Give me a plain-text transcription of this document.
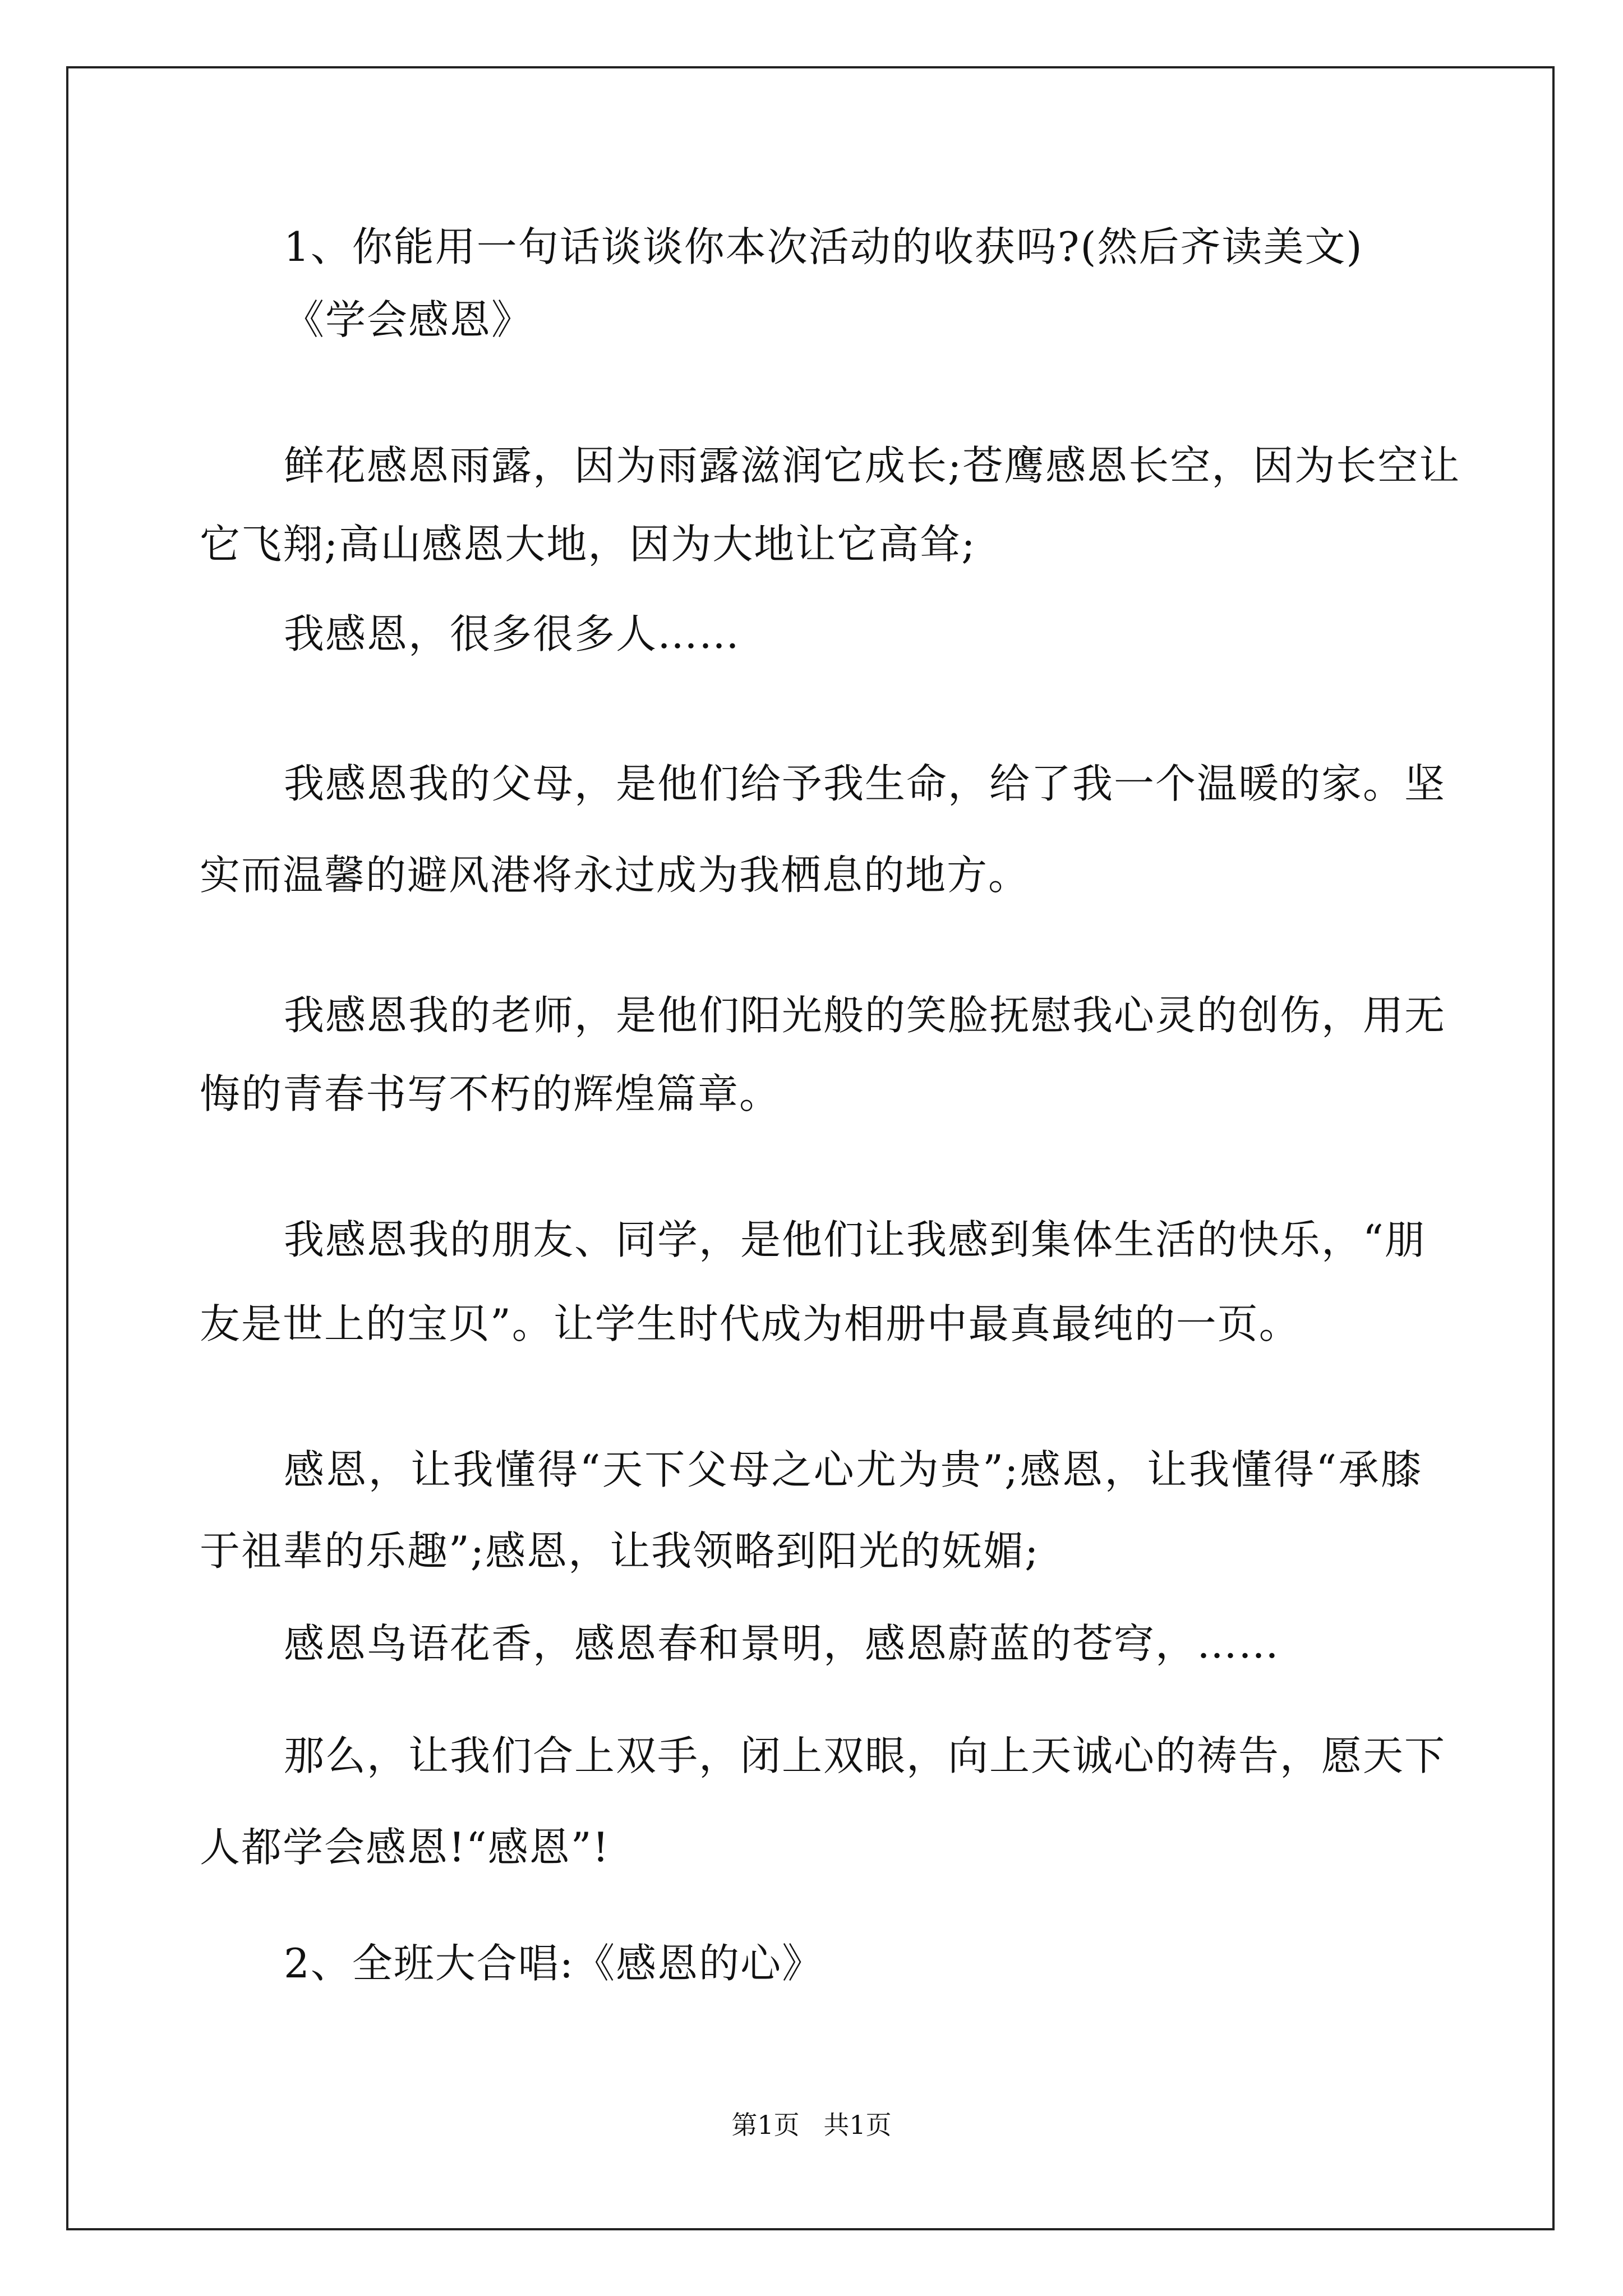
1、你能用一句话谈谈你本次活动的收获吗?(然后齐读美文)
《学会感恩》
鲜花感恩雨露，因为雨露滋润它成长;苍鹰感恩长空，因为长空让
它飞翔;高山感恩大地，因为大地让它高耸;
我感恩，很多很多人……
我感恩我的父母，是他们给予我生命，给了我一个温暖的家。坚
实而温馨的避风港将永过成为我栖息的地方。
我感恩我的老师，是他们阳光般的笑脸抚慰我心灵的创伤，用无
悔的青春书写不朽的辉煌篇章。
我感恩我的朋友、同学，是他们让我感到集体生活的快乐，“朋
友是世上的宝贝”。让学生时代成为相册中最真最纯的一页。
感恩，让我懂得“天下父母之心尤为贵”;感恩，让我懂得“承膝
于祖辈的乐趣”;感恩，让我领略到阳光的妩媚;
感恩鸟语花香，感恩春和景明，感恩蔚蓝的苍穹，……
那么，让我们合上双手，闭上双眼，向上天诚心的祷告，愿天下
人都学会感恩!“感恩”!
2、全班大合唱:《感恩的心》
第1页 共1页
